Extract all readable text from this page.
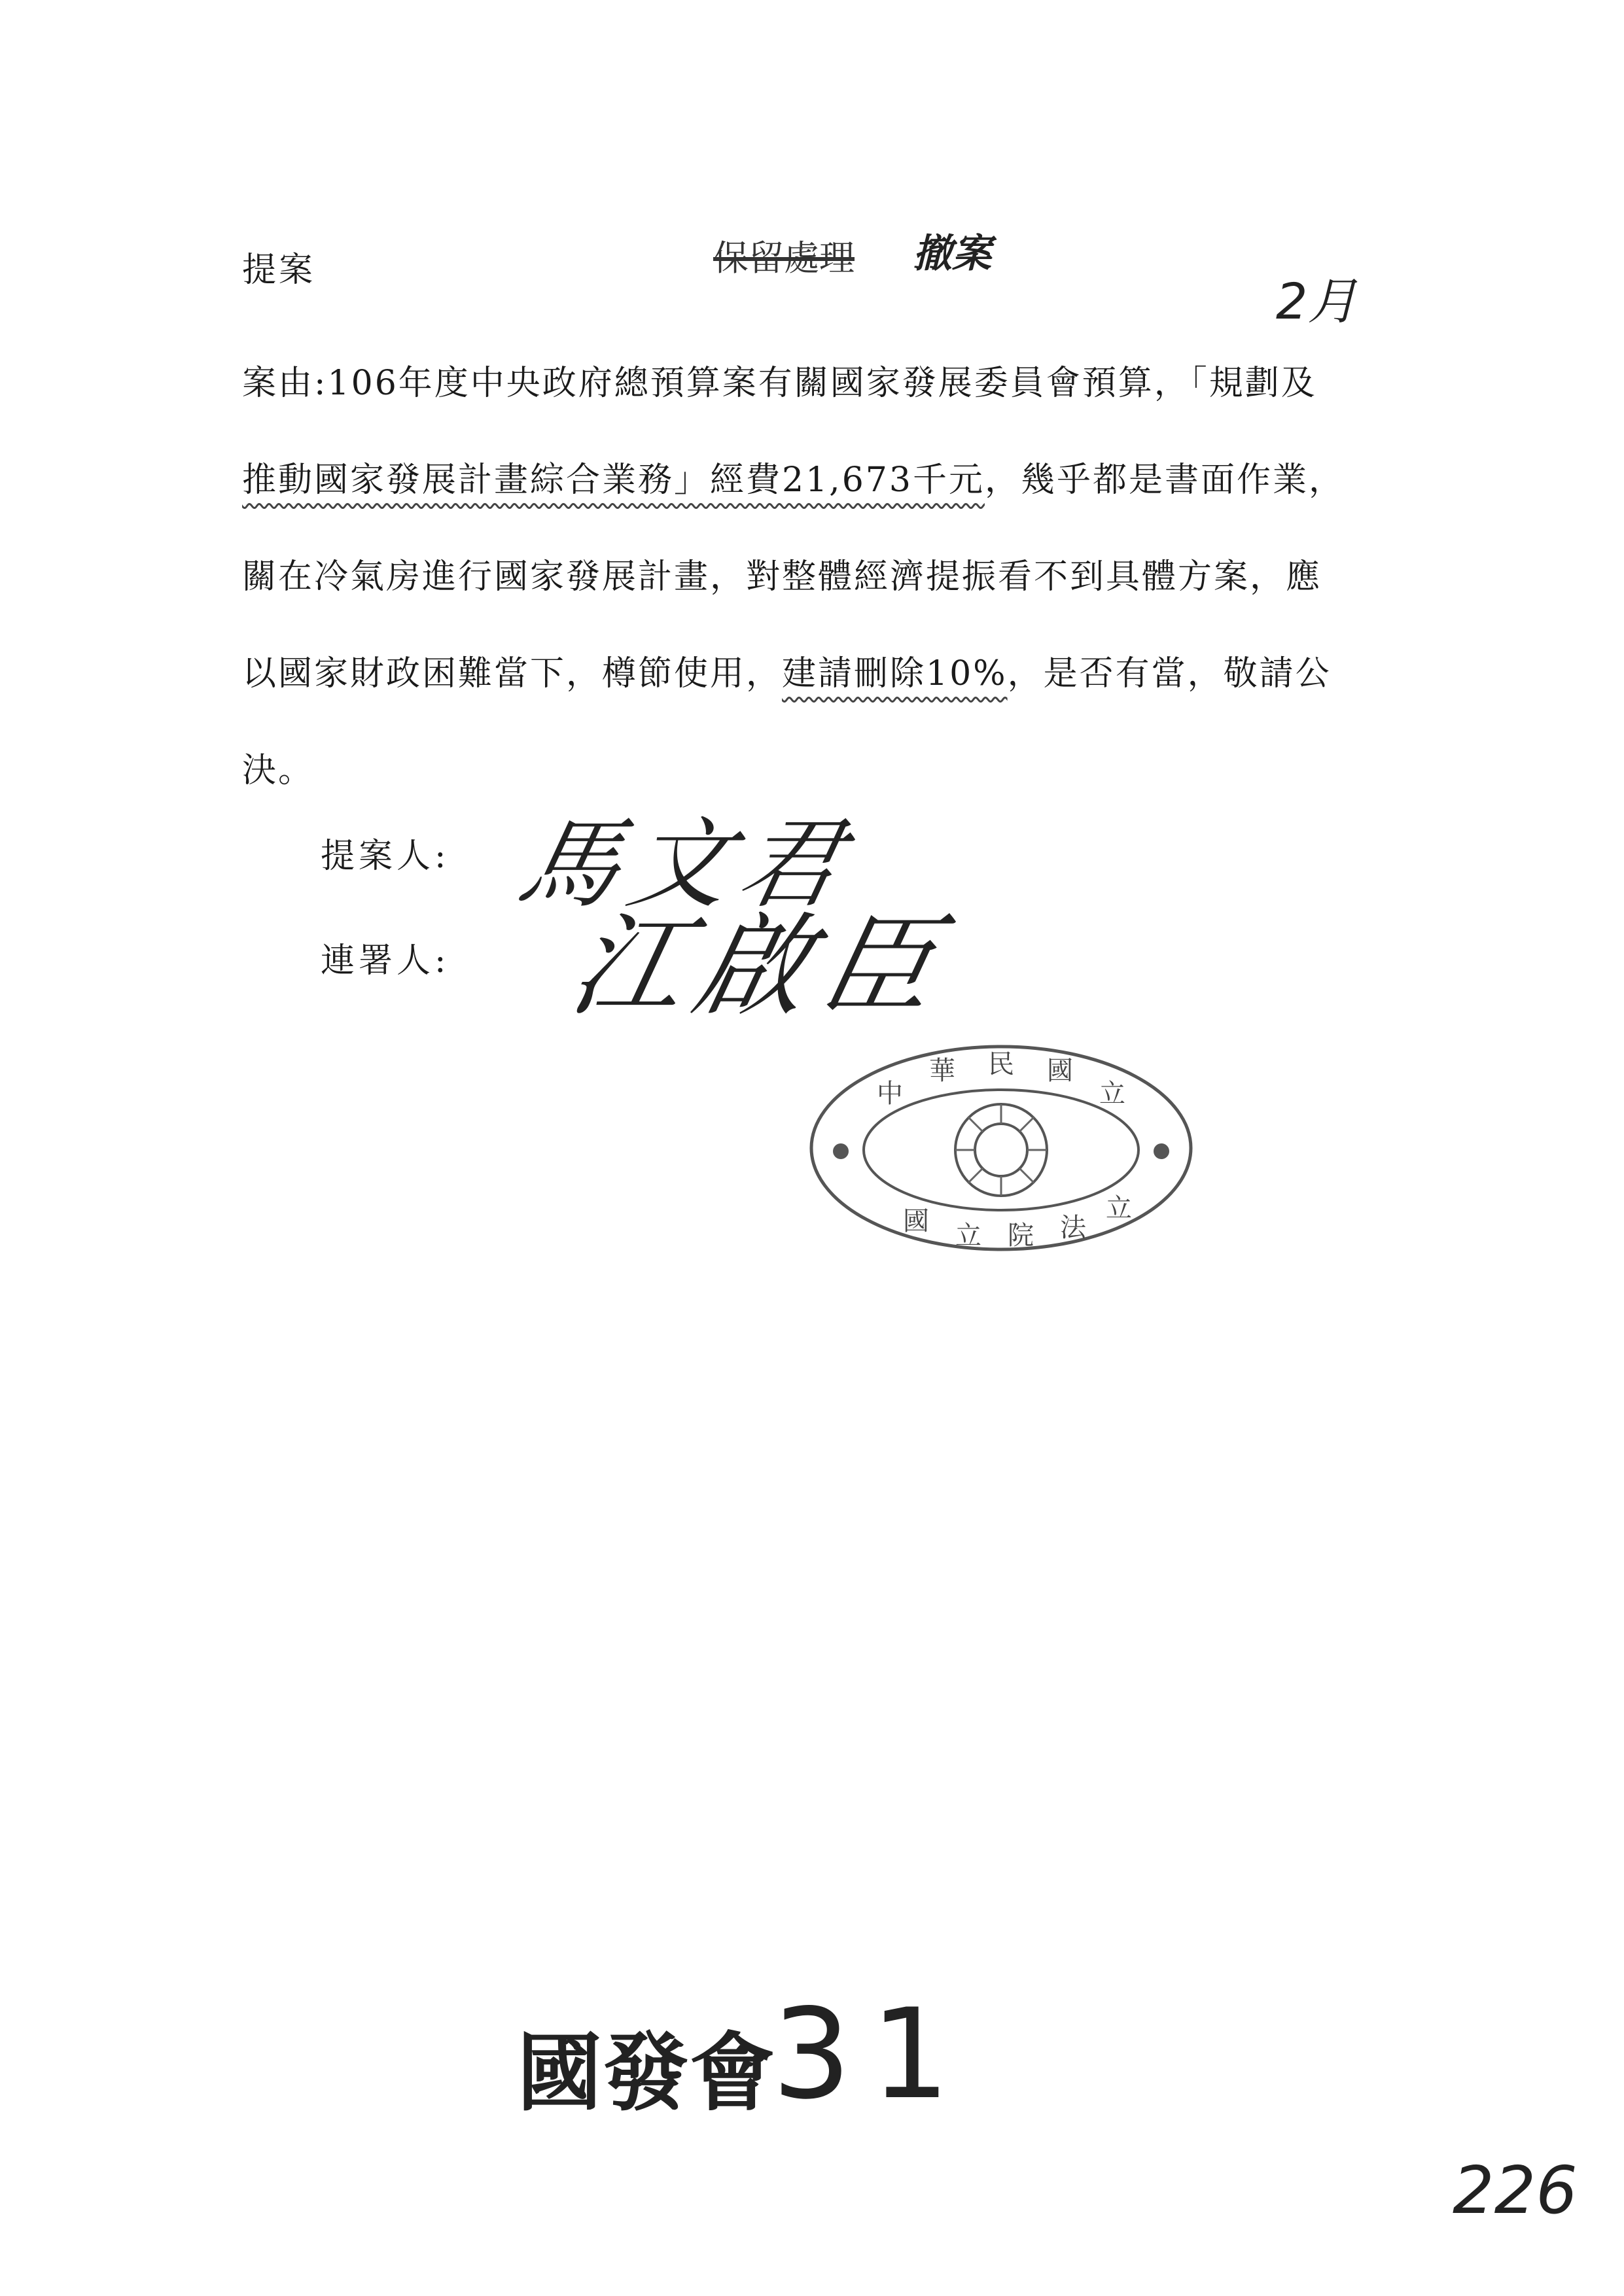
提案	保留處理 撤案
2月
案由:106年度中央政府總預算案有關國家發展委員會預算，「規劃及
推動國家發展計畫綜合業務」經費21,673千元，幾乎都是書面作業，
關在冷氣房進行國家發展計畫，對整體經濟提振看不到具體方案，應
以國家財政困難當下，樽節使用，建請刪除10%，是否有當，敬請公
決。
提案人: 馬文君
連署人: 江啟臣
中
華 民 國
立
國 立 院 法
立
國發會
31
226
